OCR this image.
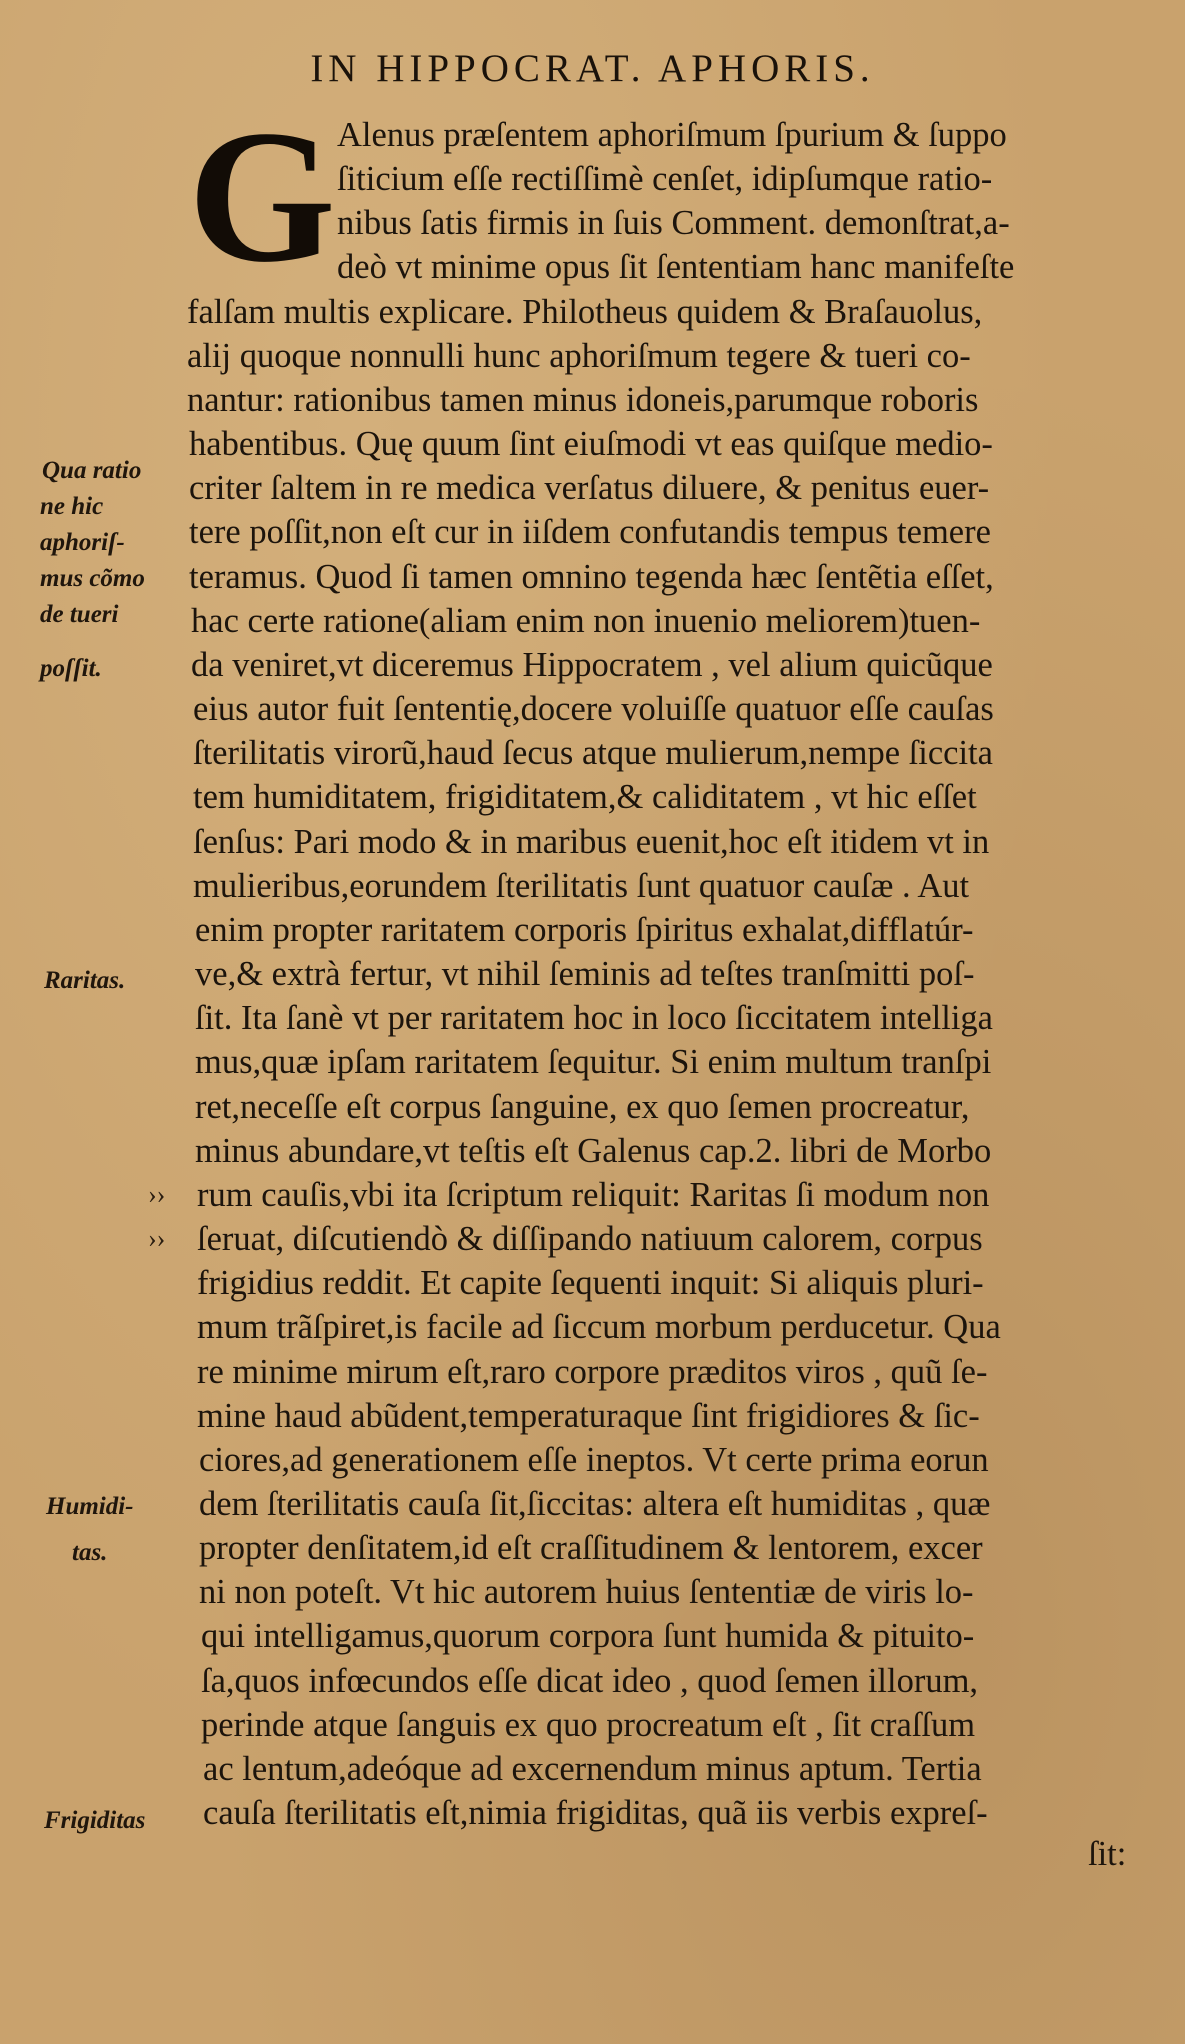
IN HIPPOCRAT. APHORIS.
G Alenus præſentem aphoriſmum ſpurium & ſuppo
ſiticium eſſe rectiſſimè cenſet, idipſumque ratio-
nibus ſatis firmis in ſuis Comment. demonſtrat,a-
deò vt minime opus ſit ſententiam hanc manifeſte
falſam multis explicare. Philotheus quidem & Braſauolus,
alij quoque nonnulli hunc aphoriſmum tegere & tueri co-
nantur: rationibus tamen minus idoneis,parumque roboris
habentibus. Quę quum ſint eiuſmodi vt eas quiſque medio-
criter ſaltem in re medica verſatus diluere, & penitus euer-
tere poſſit,non eſt cur in iiſdem confutandis tempus temere
teramus. Quod ſi tamen omnino tegenda hæc ſentẽtia eſſet,
hac certe ratione(aliam enim non inuenio meliorem)tuen-
da veniret,vt diceremus Hippocratem , vel alium quicũque
eius autor fuit ſententię,docere voluiſſe quatuor eſſe cauſas
ſterilitatis virorũ,haud ſecus atque mulierum,nempe ſiccita
tem humiditatem, frigiditatem,& caliditatem , vt hic eſſet
ſenſus: Pari modo & in maribus euenit,hoc eſt itidem vt in
mulieribus,eorundem ſterilitatis ſunt quatuor cauſæ . Aut
enim propter raritatem corporis ſpiritus exhalat,difflatúr-
ve,& extrà fertur, vt nihil ſeminis ad teſtes tranſmitti poſ-
ſit. Ita ſanè vt per raritatem hoc in loco ſiccitatem intelliga
mus,quæ ipſam raritatem ſequitur. Si enim multum tranſpi
ret,neceſſe eſt corpus ſanguine, ex quo ſemen procreatur,
minus abundare,vt teſtis eſt Galenus cap.2. libri de Morbo
rum cauſis,vbi ita ſcriptum reliquit: Raritas ſi modum non
ſeruat, diſcutiendò & diſſipando natiuum calorem, corpus
frigidius reddit. Et capite ſequenti inquit: Si aliquis pluri-
mum trãſpiret,is facile ad ſiccum morbum perducetur. Qua
re minime mirum eſt,raro corpore præditos viros , quũ ſe-
mine haud abũdent,temperaturaque ſint frigidiores & ſic-
ciores,ad generationem eſſe ineptos. Vt certe prima eorun
dem ſterilitatis cauſa ſit,ſiccitas: altera eſt humiditas , quæ
propter denſitatem,id eſt craſſitudinem & lentorem, excer
ni non poteſt. Vt hic autorem huius ſententiæ de viris lo-
qui intelligamus,quorum corpora ſunt humida & pituito-
ſa,quos infœcundos eſſe dicat ideo , quod ſemen illorum,
perinde atque ſanguis ex quo procreatum eſt , ſit craſſum
ac lentum,adeóque ad excernendum minus aptum. Tertia
cauſa ſterilitatis eſt,nimia frigiditas, quã iis verbis expreſ-
ſit:
Qua ratio
ne hic
aphoriſ-
mus cõmo
de tueri
poſſit.
Raritas.
Humidi-
tas.
Frigiditas
››
››
